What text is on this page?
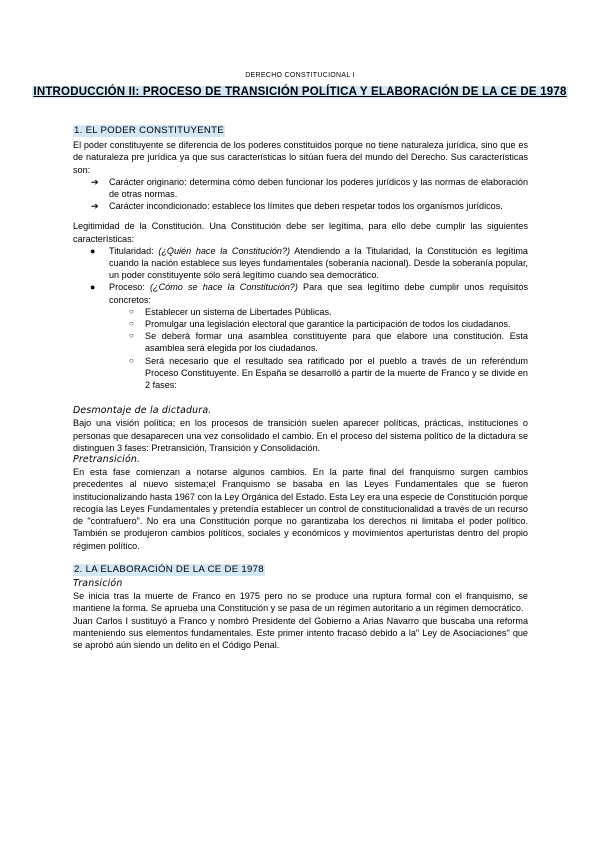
DERECHO CONSTITUCIONAL I
INTRODUCCIÓN II: PROCESO DE TRANSICIÓN POLÍTICA Y ELABORACIÓN DE LA CE DE 1978
1. EL PODER CONSTITUYENTE

El poder constituyente se diferencia de los poderes constituidos porque no tiene naturaleza jurídica, sino que es de naturaleza pre jurídica ya que sus características lo sitúan fuera del mundo del Derecho. Sus características son:

➔ Carácter originario: determina cómo deben funcionar los poderes jurídicos y las normas de elaboración de otras normas.
➔ Carácter incondicionado: establece los límites que deben respetar todos los organismos jurídicos.

Legitimidad de la Constitución. Una Constitución debe ser legítima, para ello debe cumplir las siguientes características:

● Titularidad: (¿Quién hace la Constitución?) Atendiendo a la Titularidad, la Constitución es legítima cuando la nación establece sus leyes fundamentales (soberanía nacional). Desde la soberanía popular, un poder constituyente sólo será legítimo cuando sea democrático.
● Proceso: (¿Cómo se hace la Constitución?) Para que sea legítimo debe cumplir unos requisitos concretos:
○ Establecer un sistema de Libertades Públicas.
○ Promulgar una legislación electoral que garantice la participación de todos los ciudadanos.
○ Se deberá formar una asamblea constituyente para que elabore una constitución. Esta asamblea será elegida por los ciudadanos.
○ Será necesario que el resultado sea ratificado por el pueblo a través de un referéndum Proceso Constituyente. En España se desarrolló a partir de la muerte de Franco y se divide en 2 fases:
Desmontaje de la dictadura.

Bajo una visión política; en los procesos de transición suelen aparecer políticas, prácticas, instituciones o personas que desaparecen una vez consolidado el cambio. En el proceso del sistema político de la dictadura se distinguen 3 fases: Pretransición, Transición y Consolidación.

Pretransición.

En esta fase comienzan a notarse algunos cambios. En la parte final del franquismo surgen cambios precedentes al nuevo sistema;el Franquismo se basaba en las Leyes Fundamentales que se fueron institucionalizando hasta 1967 con la Ley Orgánica del Estado. Esta Ley era una especie de Constitución porque recogía las Leyes Fundamentales y pretendía establecer un control de constitucionalidad a través de un recurso de "contrafuero". No era una Constitución porque no garantizaba los derechos ni limitaba el poder político. También se produjeron cambios políticos, sociales y económicos y movimientos aperturistas dentro del propio régimen político.

2. LA ELABORACIÓN DE LA CE DE 1978
Transición

Se inicia tras la muerte de Franco en 1975 pero no se produce una ruptura formal con el franquismo, se mantiene la forma. Se aprueba una Constitución y se pasa de un régimen autoritario a un régimen democrático.

Juan Carlos I sustituyó a Franco y nombró Presidente del Gobierno a Arias Navarro que buscaba una reforma manteniendo sus elementos fundamentales. Este primer intento fracasó debido a la" Ley de Asociaciones" que se aprobó aún siendo un delito en el Código Penal.
